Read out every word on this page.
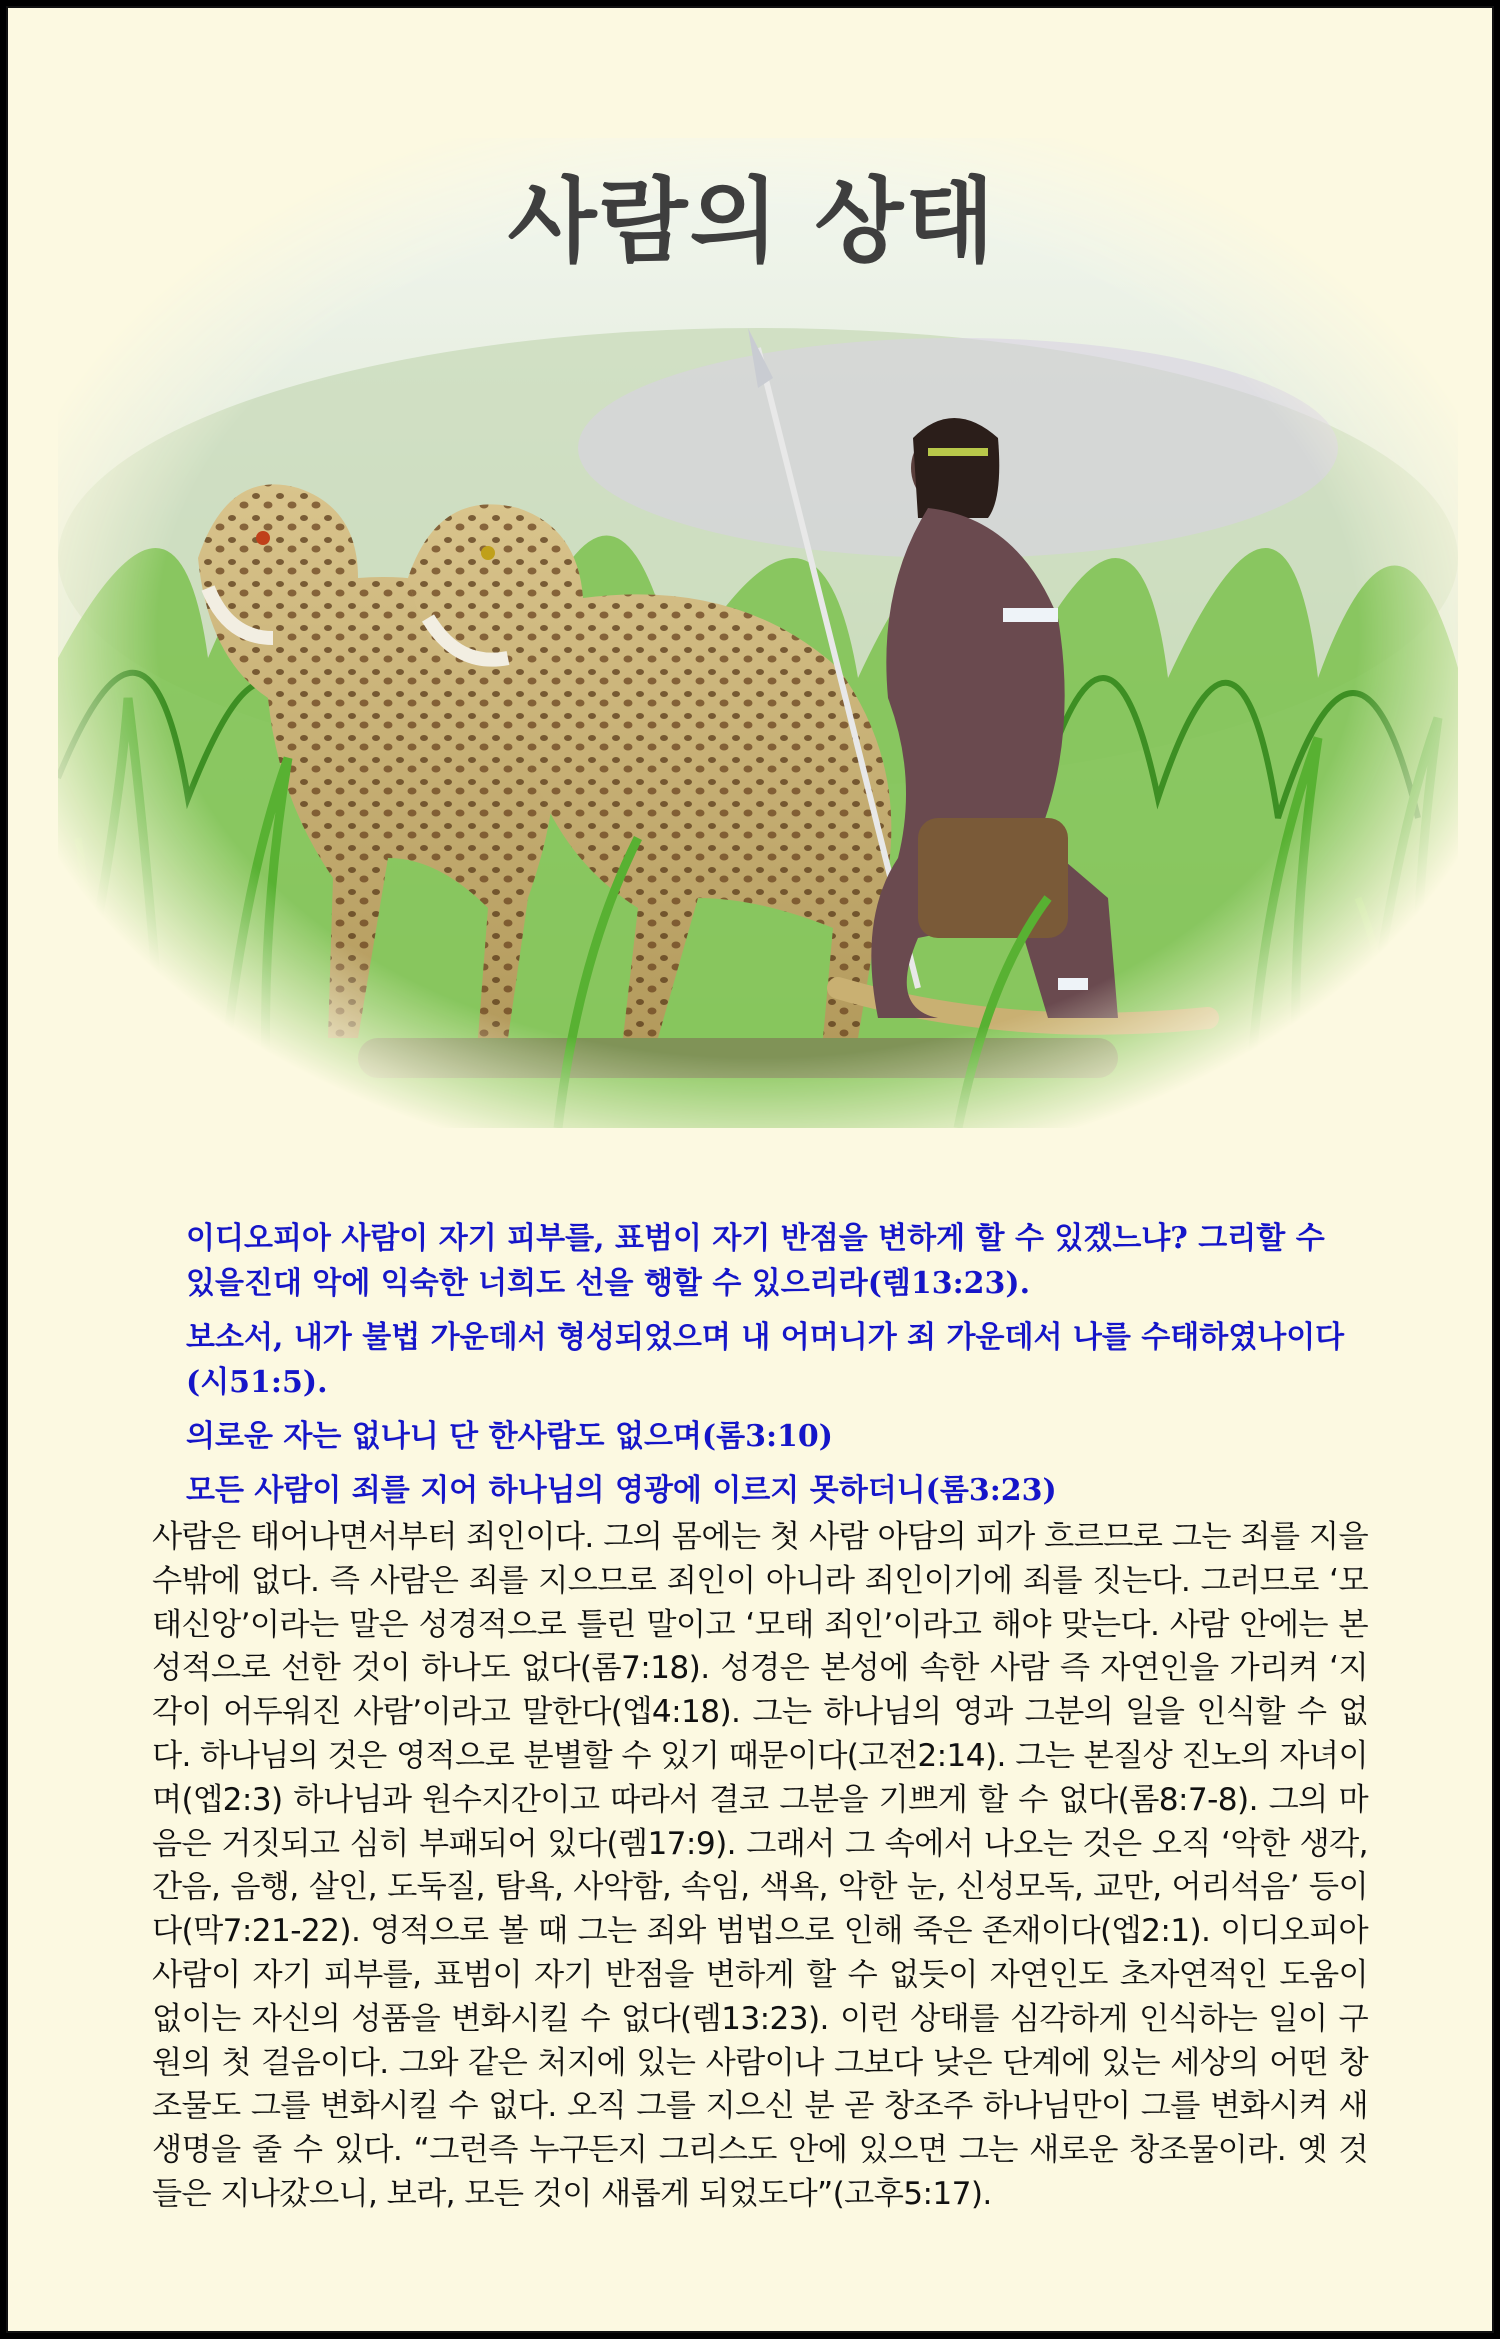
사람의 상태

이디오피아 사람이 자기 피부를, 표범이 자기 반점을 변하게 할 수 있겠느냐? 그리할 수 있을진대 악에 익숙한 너희도 선을 행할 수 있으리라(렘13:23).

보소서, 내가 불법 가운데서 형성되었으며 내 어머니가 죄 가운데서 나를 수태하였나이다(시51:5).

의로운 자는 없나니 단 한사람도 없으며(롬3:10)

모든 사람이 죄를 지어 하나님의 영광에 이르지 못하더니(롬3:23)

사람은 태어나면서부터 죄인이다. 그의 몸에는 첫 사람 아담의 피가 흐르므로 그는 죄를 지을 수밖에 없다. 즉 사람은 죄를 지으므로 죄인이 아니라 죄인이기에 죄를 짓는다. 그러므로 ‘모태신앙’이라는 말은 성경적으로 틀린 말이고 ‘모태 죄인’이라고 해야 맞는다. 사람 안에는 본성적으로 선한 것이 하나도 없다(롬7:18). 성경은 본성에 속한 사람 즉 자연인을 가리켜 ‘지각이 어두워진 사람’이라고 말한다(엡4:18). 그는 하나님의 영과 그분의 일을 인식할 수 없다. 하나님의 것은 영적으로 분별할 수 있기 때문이다(고전2:14). 그는 본질상 진노의 자녀이며(엡2:3) 하나님과 원수지간이고 따라서 결코 그분을 기쁘게 할 수 없다(롬8:7-8). 그의 마음은 거짓되고 심히 부패되어 있다(렘17:9). 그래서 그 속에서 나오는 것은 오직 ‘악한 생각, 간음, 음행, 살인, 도둑질, 탐욕, 사악함, 속임, 색욕, 악한 눈, 신성모독, 교만, 어리석음’ 등이다(막7:21-22). 영적으로 볼 때 그는 죄와 범법으로 인해 죽은 존재이다(엡2:1). 이디오피아 사람이 자기 피부를, 표범이 자기 반점을 변하게 할 수 없듯이 자연인도 초자연적인 도움이 없이는 자신의 성품을 변화시킬 수 없다(렘13:23). 이런 상태를 심각하게 인식하는 일이 구원의 첫 걸음이다. 그와 같은 처지에 있는 사람이나 그보다 낮은 단계에 있는 세상의 어떤 창조물도 그를 변화시킬 수 없다. 오직 그를 지으신 분 곧 창조주 하나님만이 그를 변화시켜 새 생명을 줄 수 있다. “그런즉 누구든지 그리스도 안에 있으면 그는 새로운 창조물이라. 옛 것들은 지나갔으니, 보라, 모든 것이 새롭게 되었도다”(고후5:17).
